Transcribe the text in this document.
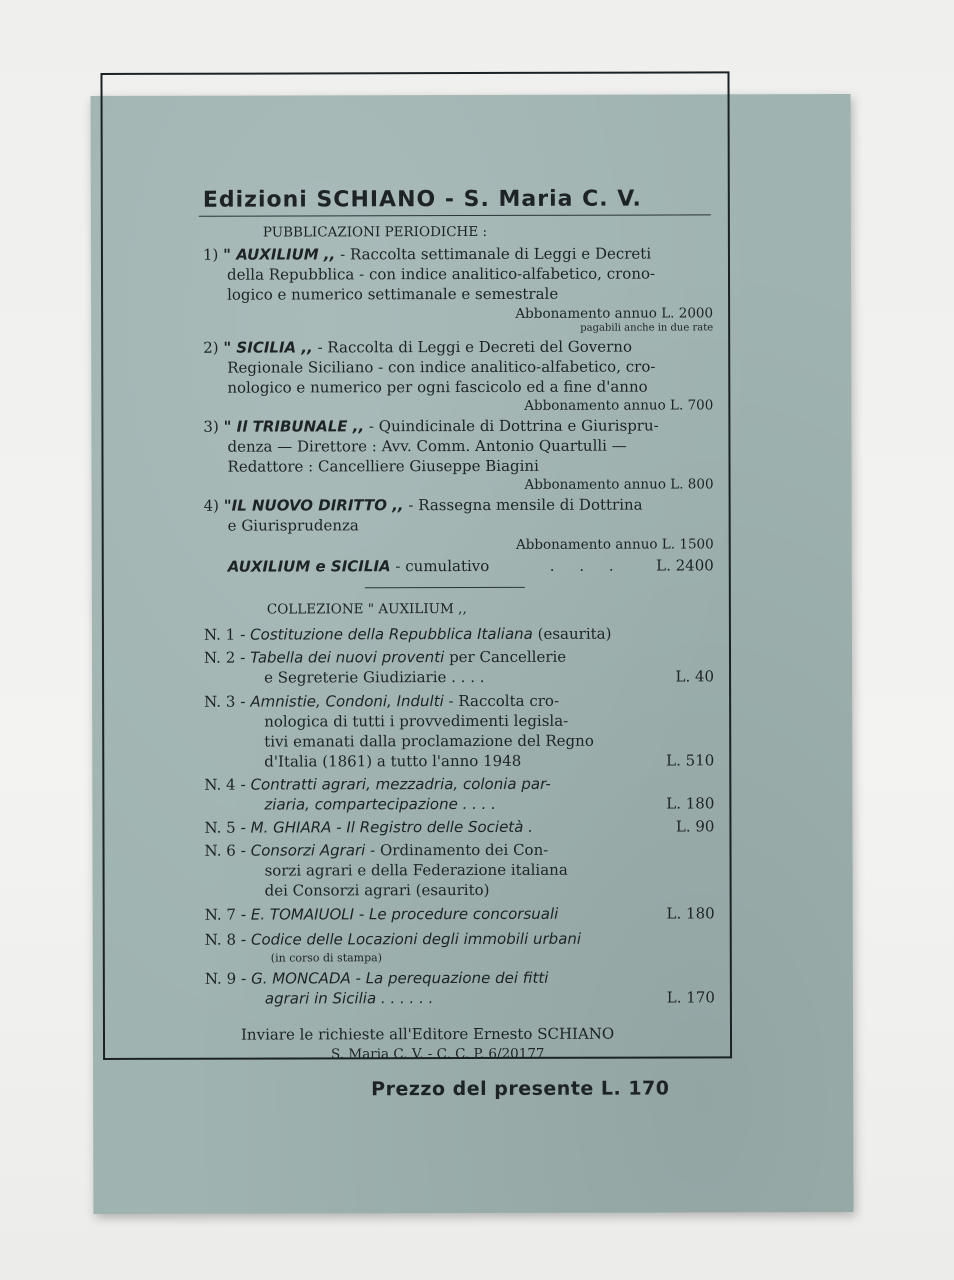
Edizioni SCHIANO - S. Maria C. V.
PUBBLICAZIONI PERIODICHE :
1) " AUXILIUM ,, - Raccolta settimanale di Leggi e Decreti
della Repubblica - con indice analitico-alfabetico, crono-
logico e numerico settimanale e semestrale
Abbonamento annuo L. 2000
pagabili anche in due rate
2) " SICILIA ,, - Raccolta di Leggi e Decreti del Governo
Regionale Siciliano - con indice analitico-alfabetico, cro-
nologico e numerico per ogni fascicolo ed a fine d'anno
Abbonamento annuo L. 700
3) " Il TRIBUNALE ,, - Quindicinale di Dottrina e Giurispru-
denza — Direttore : Avv. Comm. Antonio Quartulli —
Redattore : Cancelliere Giuseppe Biagini
Abbonamento annuo L. 800
4) "IL NUOVO DIRITTO ,, - Rassegna mensile di Dottrina
e Giurisprudenza
Abbonamento annuo L. 1500
AUXILIUM e SICILIA - cumulativo	. . .	L. 2400
COLLEZIONE " AUXILIUM ,,
N. 1 - Costituzione della Repubblica Italiana (esaurita)
N. 2 - Tabella dei nuovi proventi per Cancellerie
e Segreterie Giudiziarie . . . .	L. 40
N. 3 - Amnistie, Condoni, Indulti - Raccolta cro-
nologica di tutti i provvedimenti legisla-
tivi emanati dalla proclamazione del Regno
d'Italia (1861) a tutto l'anno 1948	L. 510
N. 4 - Contratti agrari, mezzadria, colonia par-
ziaria, compartecipazione . . . .	L. 180
N. 5 - M. GHIARA - Il Registro delle Società .	L. 90
N. 6 - Consorzi Agrari - Ordinamento dei Con-
sorzi agrari e della Federazione italiana
dei Consorzi agrari (esaurito)
N. 7 - E. TOMAIUOLI - Le procedure concorsuali	L. 180
N. 8 - Codice delle Locazioni degli immobili urbani
(in corso di stampa)
N. 9 - G. MONCADA - La perequazione dei fitti
agrari in Sicilia . . . . . .	L. 170
Inviare le richieste all'Editore Ernesto SCHIANO
S. Maria C. V. - C. C. P. 6/20177
Prezzo del presente L. 170
